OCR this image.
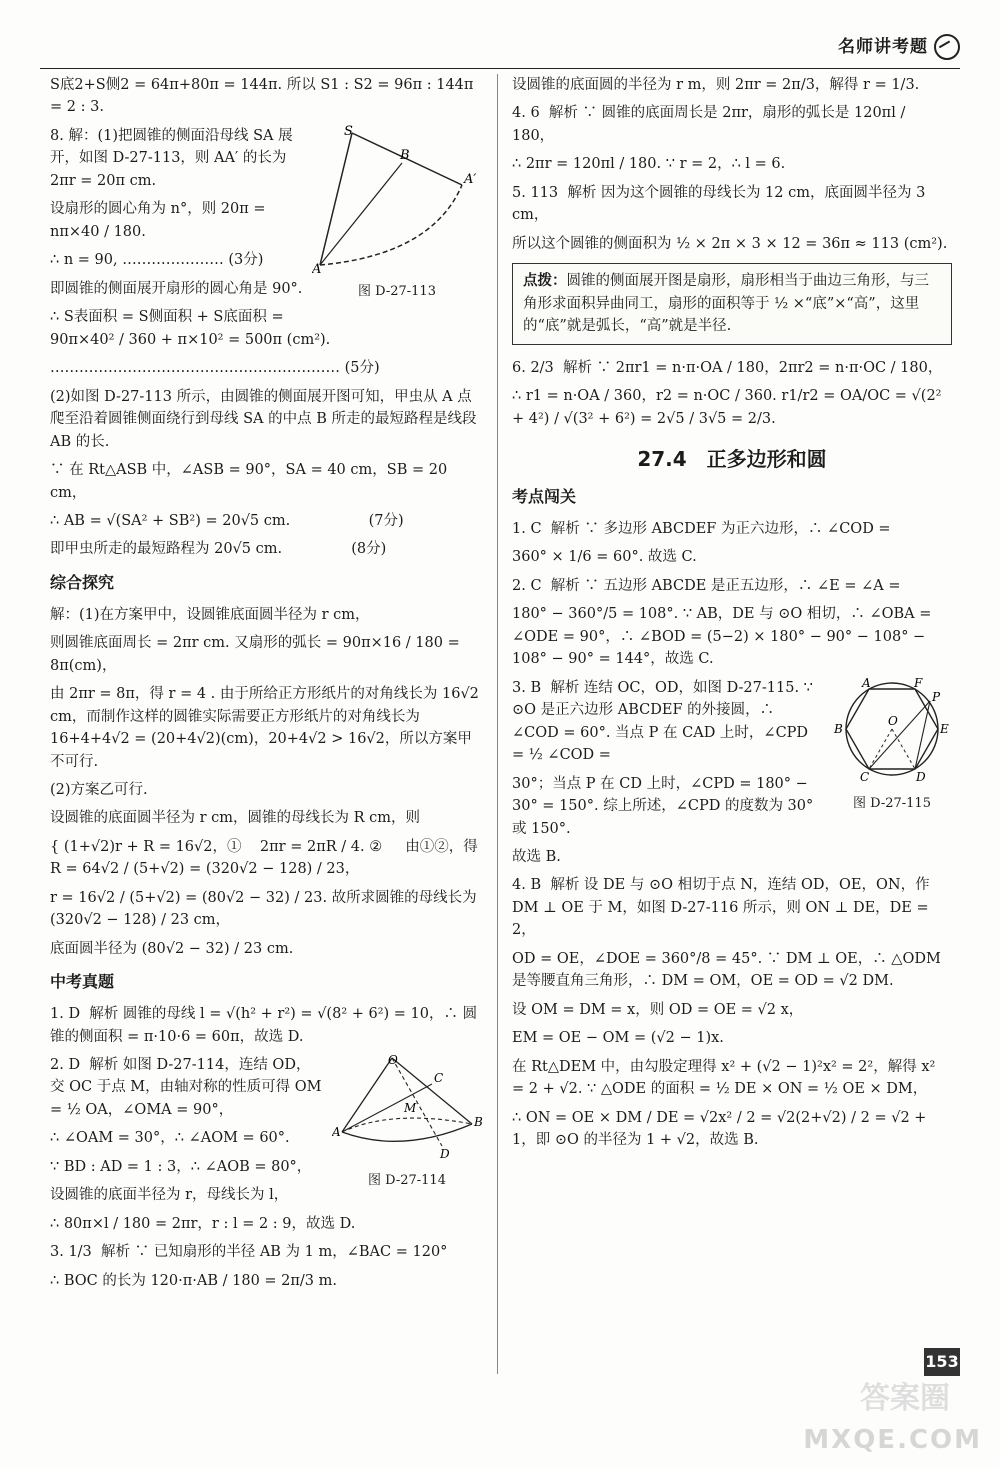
名师讲考题

S底2+S侧2 = 64π+80π = 144π. 所以 S1 : S2 = 96π : 144π = 2 : 3.

S
B
A′
A
图 D-27-113

8. 解：(1)把圆锥的侧面沿母线 SA 展开，如图 D-27-113，则 AA′ 的长为 2πr = 20π cm.

设扇形的圆心角为 n°，则 20π = nπ×40 / 180.

∴ n = 90, ………………… (3分)

即圆锥的侧面展开扇形的圆心角是 90°.

∴ S表面积 = S侧面积 + S底面积 = 90π×40² / 360 + π×10² = 500π (cm²).

…………………………………………………… (5分)

(2)如图 D-27-113 所示，由圆锥的侧面展开图可知，甲虫从 A 点爬至沿着圆锥侧面绕行到母线 SA 的中点 B 所走的最短路程是线段 AB 的长.

∵ 在 Rt△ASB 中，∠ASB = 90°，SA = 40 cm，SB = 20 cm，

∴ AB = √(SA² + SB²) = 20√5 cm.                 (7分)

即甲虫所走的最短路程为 20√5 cm.               (8分)

综合探究

解：(1)在方案甲中，设圆锥底面圆半径为 r cm，

则圆锥底面周长 = 2πr cm. 又扇形的弧长 = 90π×16 / 180 = 8π(cm)，

由 2πr = 8π，得 r = 4 . 由于所给正方形纸片的对角线长为 16√2 cm，而制作这样的圆锥实际需要正方形纸片的对角线长为 16+4+4√2 = (20+4√2)(cm)，20+4√2 > 16√2，所以方案甲不可行.

(2)方案乙可行.

设圆锥的底面圆半径为 r cm，圆锥的母线长为 R cm，则

{ (1+√2)r + R = 16√2，①    2πr = 2πR / 4. ②     由①②，得 R = 64√2 / (5+√2) = (320√2 − 128) / 23，

r = 16√2 / (5+√2) = (80√2 − 32) / 23. 故所求圆锥的母线长为 (320√2 − 128) / 23 cm，

底面圆半径为 (80√2 − 32) / 23 cm.

中考真题

1. D  解析 圆锥的母线 l = √(h² + r²) = √(8² + 6²) = 10，∴ 圆锥的侧面积 = π·10·6 = 60π，故选 D.

O
A
B
C
D
M
图 D-27-114

2. D  解析 如图 D-27-114，连结 OD，交 OC 于点 M，由轴对称的性质可得 OM = ½ OA，∠OMA = 90°，

∴ ∠OAM = 30°，∴ ∠AOM = 60°.

∵ BD : AD = 1 : 3，∴ ∠AOB = 80°，

设圆锥的底面半径为 r，母线长为 l，

∴ 80π×l / 180 = 2πr，r : l = 2 : 9，故选 D.

3. 1/3  解析 ∵ 已知扇形的半径 AB 为 1 m，∠BAC = 120°

∴ BOC 的长为 120·π·AB / 180 = 2π/3 m.

设圆锥的底面圆的半径为 r m，则 2πr = 2π/3，解得 r = 1/3.

4. 6  解析 ∵ 圆锥的底面周长是 2πr，扇形的弧长是 120πl / 180，

∴ 2πr = 120πl / 180. ∵ r = 2，∴ l = 6.

5. 113  解析 因为这个圆锥的母线长为 12 cm，底面圆半径为 3 cm，

所以这个圆锥的侧面积为 ½ × 2π × 3 × 12 = 36π ≈ 113 (cm²).

点拨：圆锥的侧面展开图是扇形，扇形相当于曲边三角形，与三角形求面积异曲同工，扇形的面积等于 ½ ×“底”×“高”，这里的“底”就是弧长，“高”就是半径.

6. 2/3  解析 ∵ 2πr1 = n·π·OA / 180，2πr2 = n·π·OC / 180，

∴ r1 = n·OA / 360，r2 = n·OC / 360. r1/r2 = OA/OC = √(2² + 4²) / √(3² + 6²) = 2√5 / 3√5 = 2/3.

27.4　正多边形和圆
考点闯关

1. C  解析 ∵ 多边形 ABCDEF 为正六边形，∴ ∠COD =

360° × 1/6 = 60°. 故选 C.

2. C  解析 ∵ 五边形 ABCDE 是正五边形，∴ ∠E = ∠A =

180° − 360°/5 = 108°. ∵ AB，DE 与 ⊙O 相切，∴ ∠OBA = ∠ODE = 90°，∴ ∠BOD = (5−2) × 180° − 90° − 108° − 108° − 90° = 144°，故选 C.

A	F
P
E
B
C	D
O
图 D-27-115

3. B  解析 连结 OC，OD，如图 D-27-115. ∵ ⊙O 是正六边形 ABCDEF 的外接圆，∴ ∠COD = 60°. 当点 P 在 CAD 上时，∠CPD = ½ ∠COD =

30°；当点 P 在 CD 上时，∠CPD = 180° − 30° = 150°. 综上所述，∠CPD 的度数为 30°或 150°.

故选 B.

4. B  解析 设 DE 与 ⊙O 相切于点 N，连结 OD，OE，ON，作 DM ⊥ OE 于 M，如图 D-27-116 所示，则 ON ⊥ DE，DE = 2，

OD = OE，∠DOE = 360°/8 = 45°. ∵ DM ⊥ OE，∴ △ODM 是等腰直角三角形，∴ DM = OM，OE = OD = √2 DM.

设 OM = DM = x，则 OD = OE = √2 x，

EM = OE − OM = (√2 − 1)x.

在 Rt△DEM 中，由勾股定理得 x² + (√2 − 1)²x² = 2²，解得 x² = 2 + √2. ∵ △ODE 的面积 = ½ DE × ON = ½ OE × DM，

∴ ON = OE × DM / DE = √2x² / 2 = √2(2+√2) / 2 = √2 + 1，即 ⊙O 的半径为 1 + √2，故选 B.

153
答案圈
MXQE.COM
